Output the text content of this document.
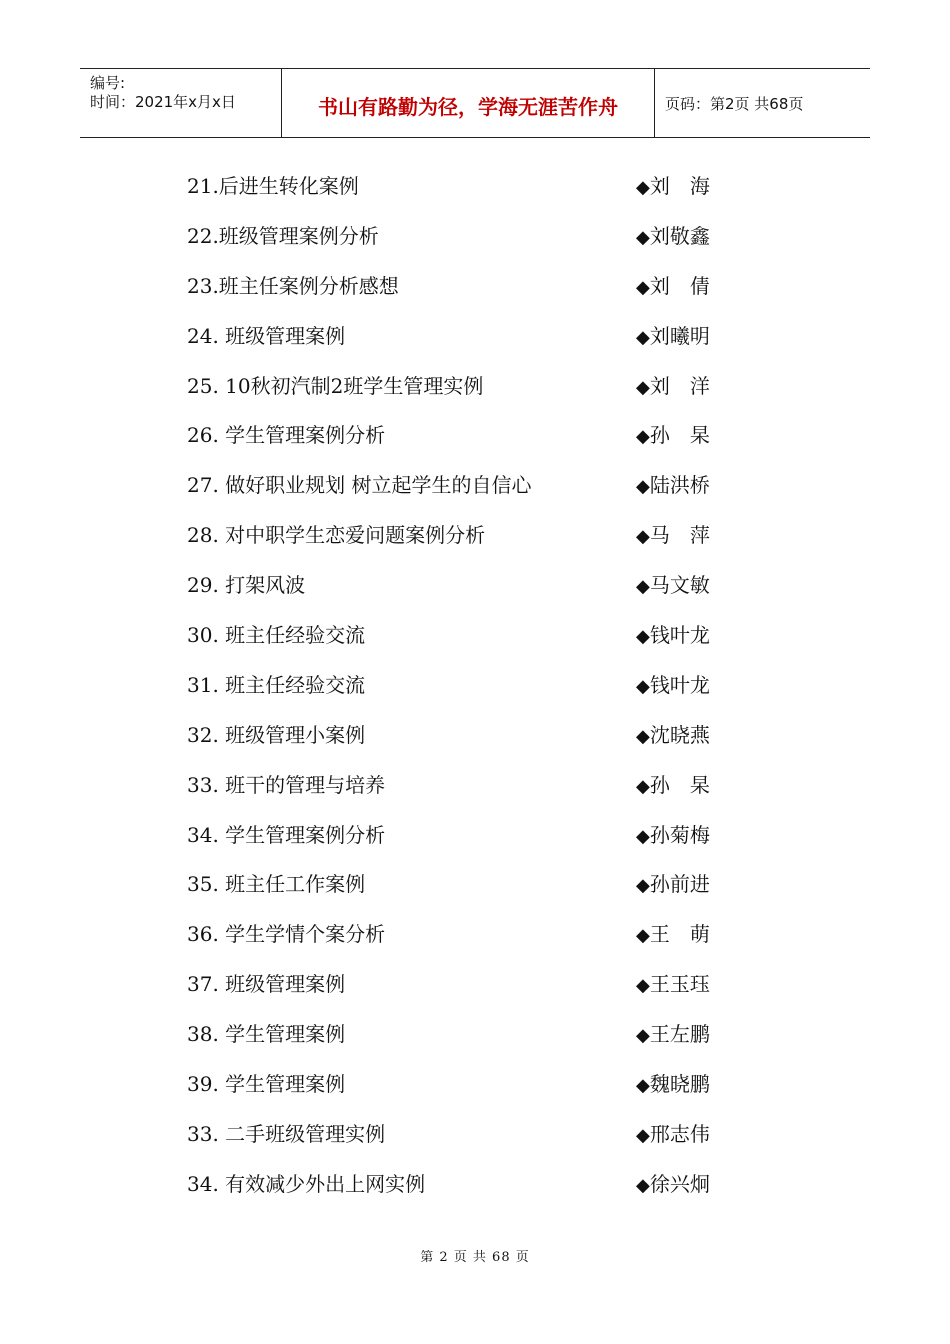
编号:
时间：2021年x月x日	书山有路勤为径，学海无涯苦作舟	页码：第2页 共68页
21.后进生转化案例	◆刘　海
22.班级管理案例分析	◆刘敬鑫
23.班主任案例分析感想	◆刘　倩
24. 班级管理案例	◆刘曦明
25. 10秋初汽制2班学生管理实例	◆刘　洋
26. 学生管理案例分析	◆孙　杲
27. 做好职业规划 树立起学生的自信心	◆陆洪桥
28. 对中职学生恋爱问题案例分析	◆马　萍
29. 打架风波	◆马文敏
30. 班主任经验交流	◆钱叶龙
31. 班主任经验交流	◆钱叶龙
32. 班级管理小案例	◆沈晓燕
33. 班干的管理与培养	◆孙　杲
34. 学生管理案例分析	◆孙菊梅
35. 班主任工作案例	◆孙前进
36. 学生学情个案分析	◆王　萌
37. 班级管理案例	◆王玉珏
38. 学生管理案例	◆王左鹏
39. 学生管理案例	◆魏晓鹏
33. 二手班级管理实例	◆邢志伟
34. 有效减少外出上网实例	◆徐兴炯
第 2 页 共 68 页
